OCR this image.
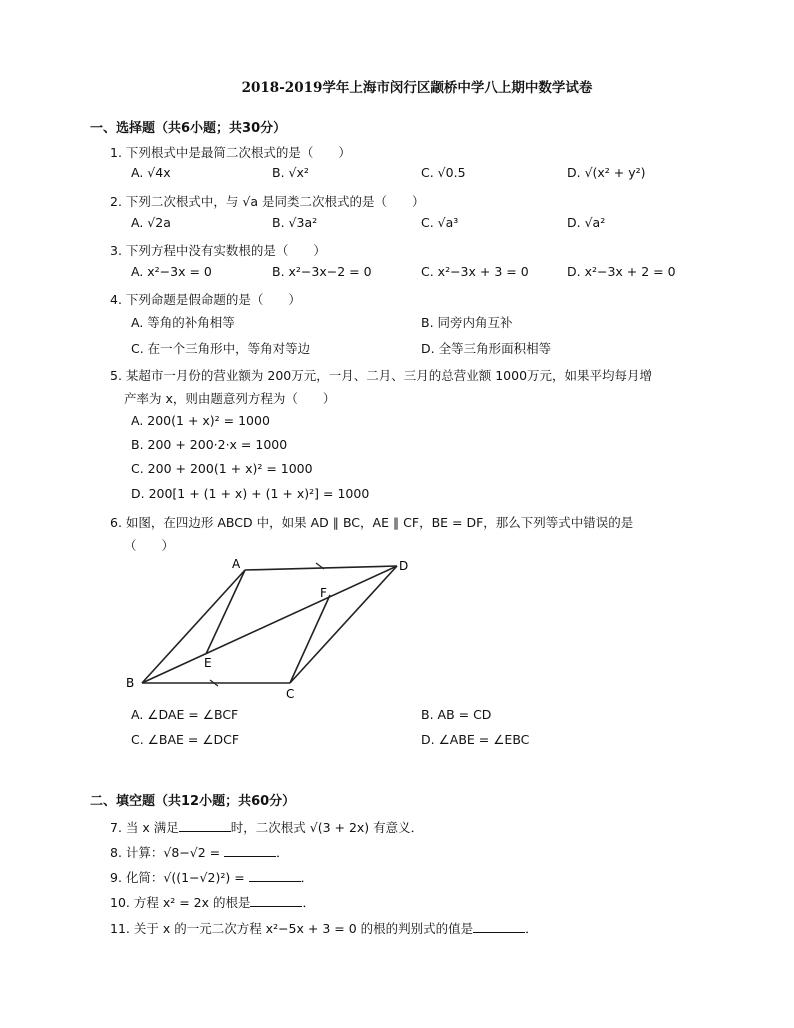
2018-2019学年上海市闵行区颛桥中学八上期中数学试卷
一、选择题（共6小题；共30分）
1. 下列根式中是最简二次根式的是（　　）
A. √4x	B. √x²	C. √0.5	D. √(x² + y²)
2. 下列二次根式中，与 √a 是同类二次根式的是（　　）
A. √2a	B. √3a²	C. √a³	D. √a²
3. 下列方程中没有实数根的是（　　）
A. x²−3x = 0	B. x²−3x−2 = 0	C. x²−3x + 3 = 0	D. x²−3x + 2 = 0
4. 下列命题是假命题的是（　　）
A. 等角的补角相等	B. 同旁内角互补
C. 在一个三角形中，等角对等边	D. 全等三角形面积相等
5. 某超市一月份的营业额为 200万元，一月、二月、三月的总营业额 1000万元，如果平均每月增
产率为 x，则由题意列方程为（　　）
A. 200(1 + x)² = 1000
B. 200 + 200·2·x = 1000
C. 200 + 200(1 + x)² = 1000
D. 200[1 + (1 + x) + (1 + x)²] = 1000
6. 如图，在四边形 ABCD 中，如果 AD ∥ BC，AE ∥ CF，BE = DF，那么下列等式中错误的是
（　　）
A	D
B
C
E
F
A. ∠DAE = ∠BCF	B. AB = CD
C. ∠BAE = ∠DCF	D. ∠ABE = ∠EBC
二、填空题（共12小题；共60分）
7. 当 x 满足	时，二次根式 √(3 + 2x) 有意义．
8. 计算：√8−√2 =	．
9. 化简：√((1−√2)²) =	．
10. 方程 x² = 2x 的根是	．
11. 关于 x 的一元二次方程 x²−5x + 3 = 0 的根的判别式的值是	．
